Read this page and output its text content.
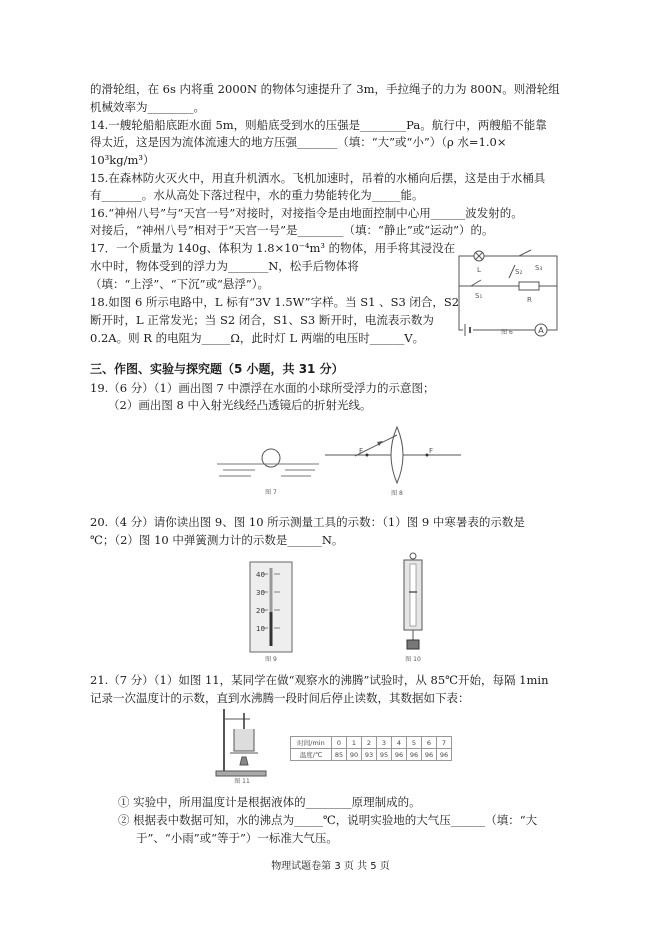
的滑轮组，在 6s 内将重 2000N 的物体匀速提升了 3m，手拉绳子的力为 800N。则滑轮组
机械效率为________。
14.一艘轮船船底距水面 5m，则船底受到水的压强是________Pa。航行中，两艘船不能靠
得太近，这是因为流体流速大的地方压强_______（填：“大”或“小”）（ρ 水=1.0×
10³kg/m³）
15.在森林防火灭火中，用直升机洒水。飞机加速时，吊着的水桶向后摆，这是由于水桶具
有_______。水从高处下落过程中，水的重力势能转化为_____能。
16.“神州八号”与“天宫一号”对接时，对接指令是由地面控制中心用______波发射的。
对接后，“神州八号”相对于“天宫一号”是________（填：“静止”或“运动”）的。
17．一个质量为 140g、体积为 1.8×10⁻⁴m³ 的物体，用手将其浸没在
水中时，物体受到的浮力为_______N，松手后物体将
（填：“上浮”、“下沉”或“悬浮”）。
18.如图 6 所示电路中，L 标有“3V 1.5W”字样。当 S1 、S3 闭合，S2
断开时，L 正常发光；当 S2 闭合，S1、S3 断开时，电流表示数为
0.2A。则 R 的电阻为_____Ω，此时灯 L 两端的电压时______V。
三、作图、实验与探究题（5 小题，共 31 分）
19.（6 分）（1）画出图 7 中漂浮在水面的小球所受浮力的示意图；
（2）画出图 8 中入射光线经凸透镜后的折射光线。
20.（4 分）请你读出图 9、图 10 所示测量工具的示数：（1）图 9 中寒暑表的示数是
℃；（2）图 10 中弹簧测力计的示数是______N。
21.（7 分）（1）如图 11，某同学在做“观察水的沸腾”试验时，从 85℃开始，每隔 1min
记录一次温度计的示数，直到水沸腾一段时间后停止读数，其数据如下表：
① 实验中，所用温度计是根据液体的________原理制成的。
② 根据表中数据可知，水的沸点为_____℃，说明实验地的大气压______（填：“大
于”、“小雨”或“等于”）一标准大气压。
A
L	S₃
S₂
S₁	R
图 6
图 7
F	F
图 8
40
30
20
10
图 9	图 10
图 11
时间/min	0	1	2	3	4	5	6	7
温度/℃	85	90	93	95	96	96	96	96
物理试题卷第 3 页 共 5 页
